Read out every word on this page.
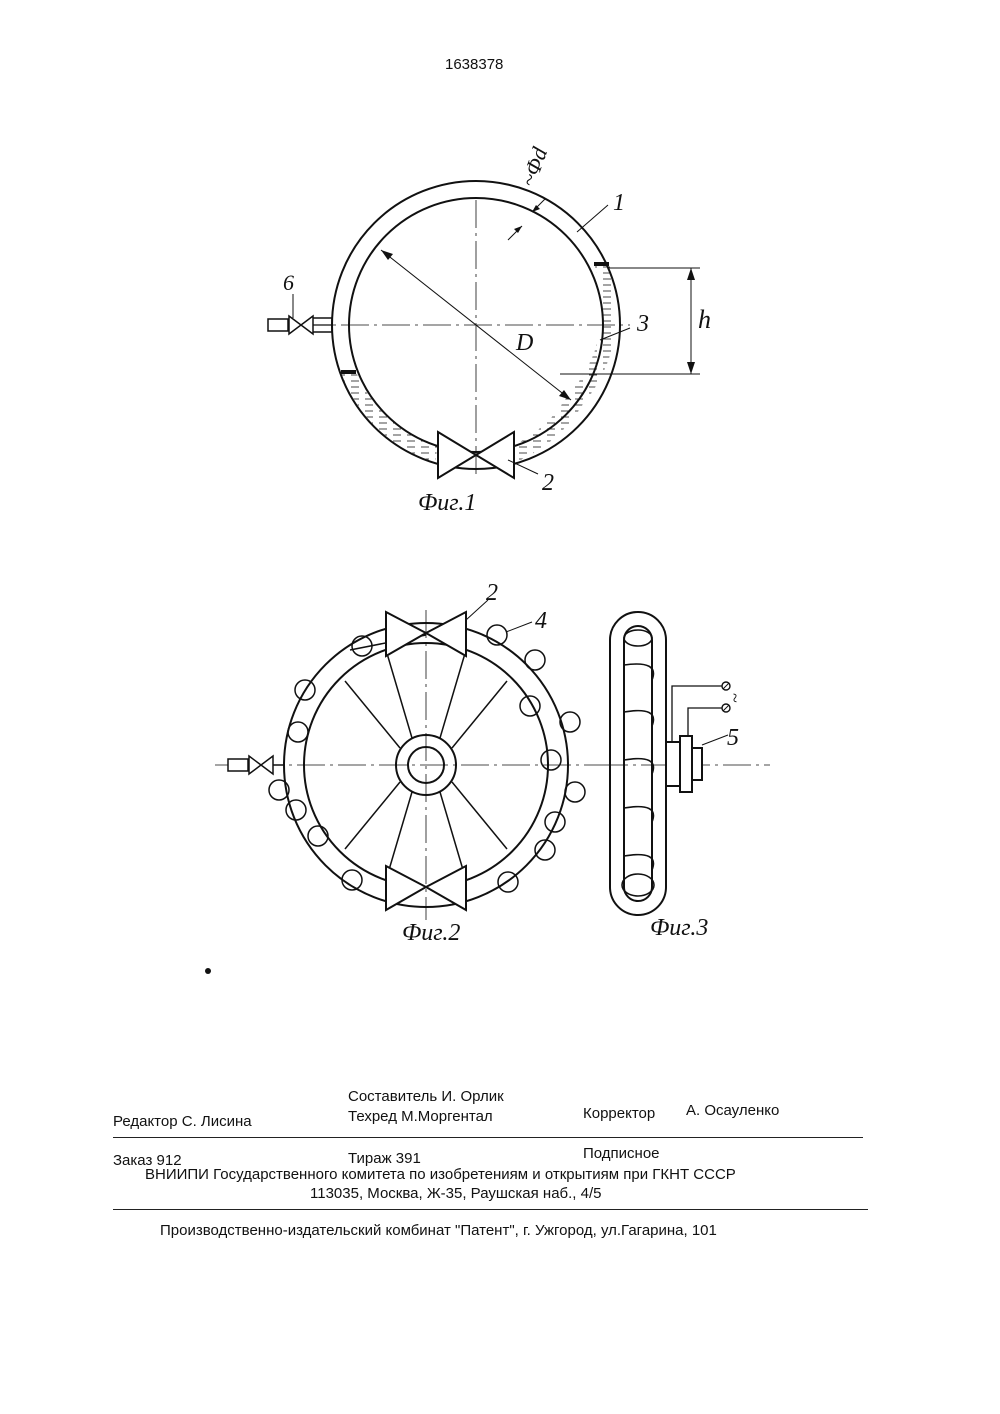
1638378
1
3
2
6
h
D
~Φd
Фиг.1
2
4
Фиг.2
~
5
Фиг.3
Составитель И. Орлик
Редактор С. Лисина	Техред М.Моргентал	Корректор А. Осауленко
Заказ 912	Тираж 391	Подписное
ВНИИПИ Государственного комитета по изобретениям и открытиям при ГКНТ СССР
113035, Москва, Ж-35, Раушская наб., 4/5
Производственно-издательский комбинат "Патент", г. Ужгород, ул.Гагарина, 101
